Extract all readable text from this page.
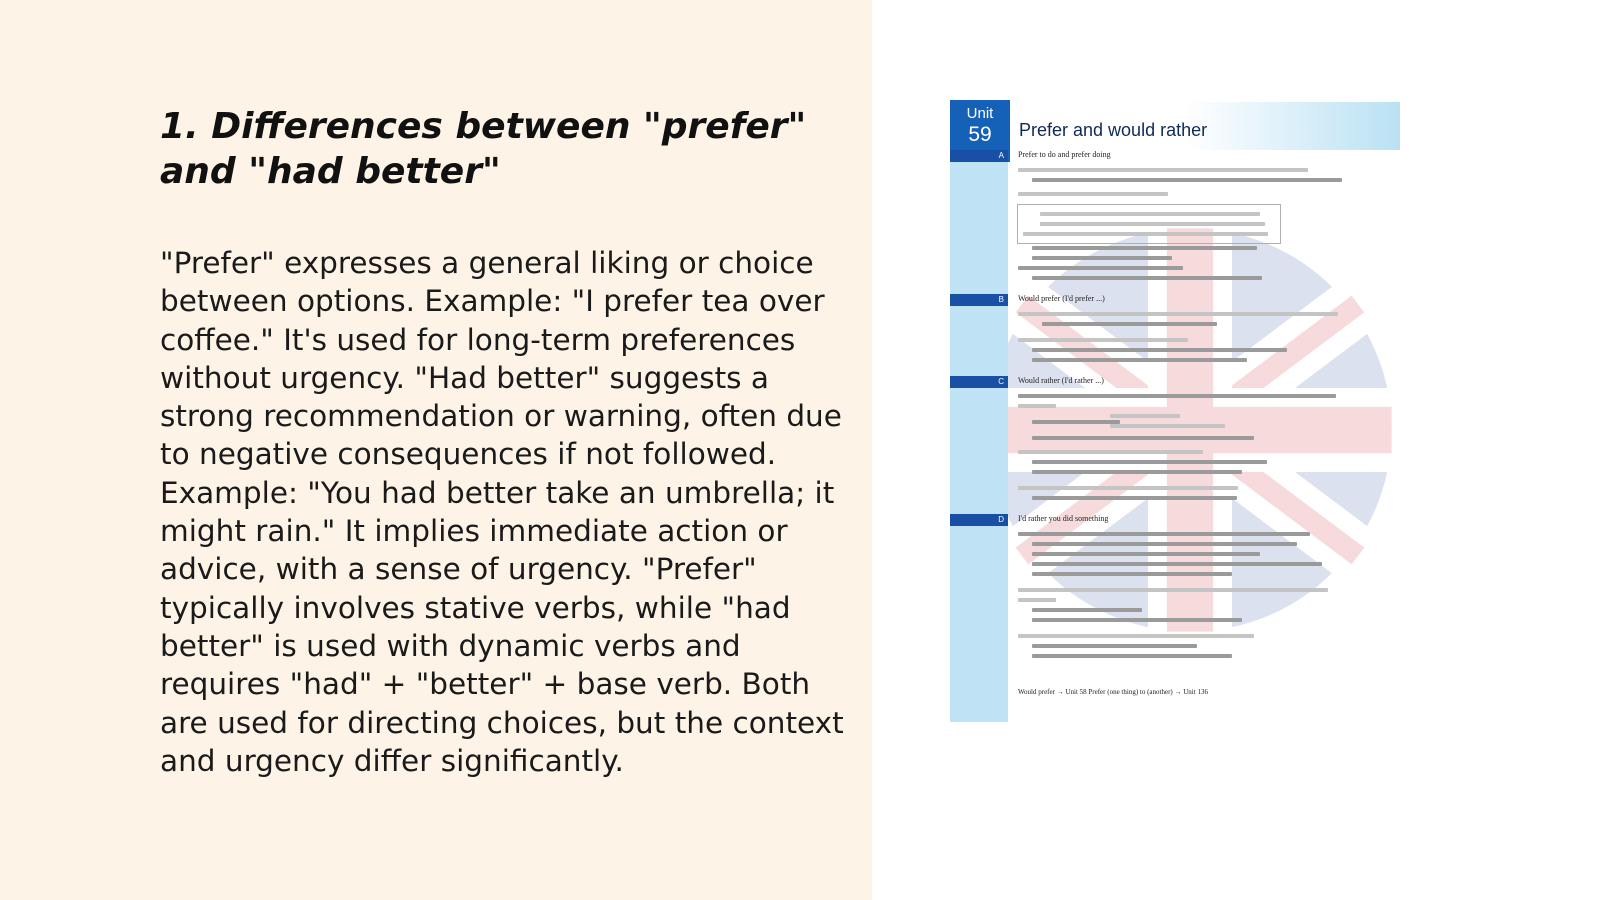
1. Differences between "prefer" and "had better"

"Prefer" expresses a general liking or choice between options. Example: "I prefer tea over coffee." It's used for long-term preferences without urgency. "Had better" suggests a strong recommendation or warning, often due to negative consequences if not followed. Example: "You had better take an umbrella; it might rain." It implies immediate action or advice, with a sense of urgency. "Prefer" typically involves stative verbs, while "had better" is used with dynamic verbs and requires "had" + "better" + base verb. Both are used for directing choices, but the context and urgency differ significantly.

Unit
59	Prefer and would rather
A	Prefer to do and prefer doing
B	Would prefer (I'd prefer ...)
C	Would rather (I'd rather ...)
D	I'd rather you did something
Would prefer → Unit 58 Prefer (one thing) to (another) → Unit 136
